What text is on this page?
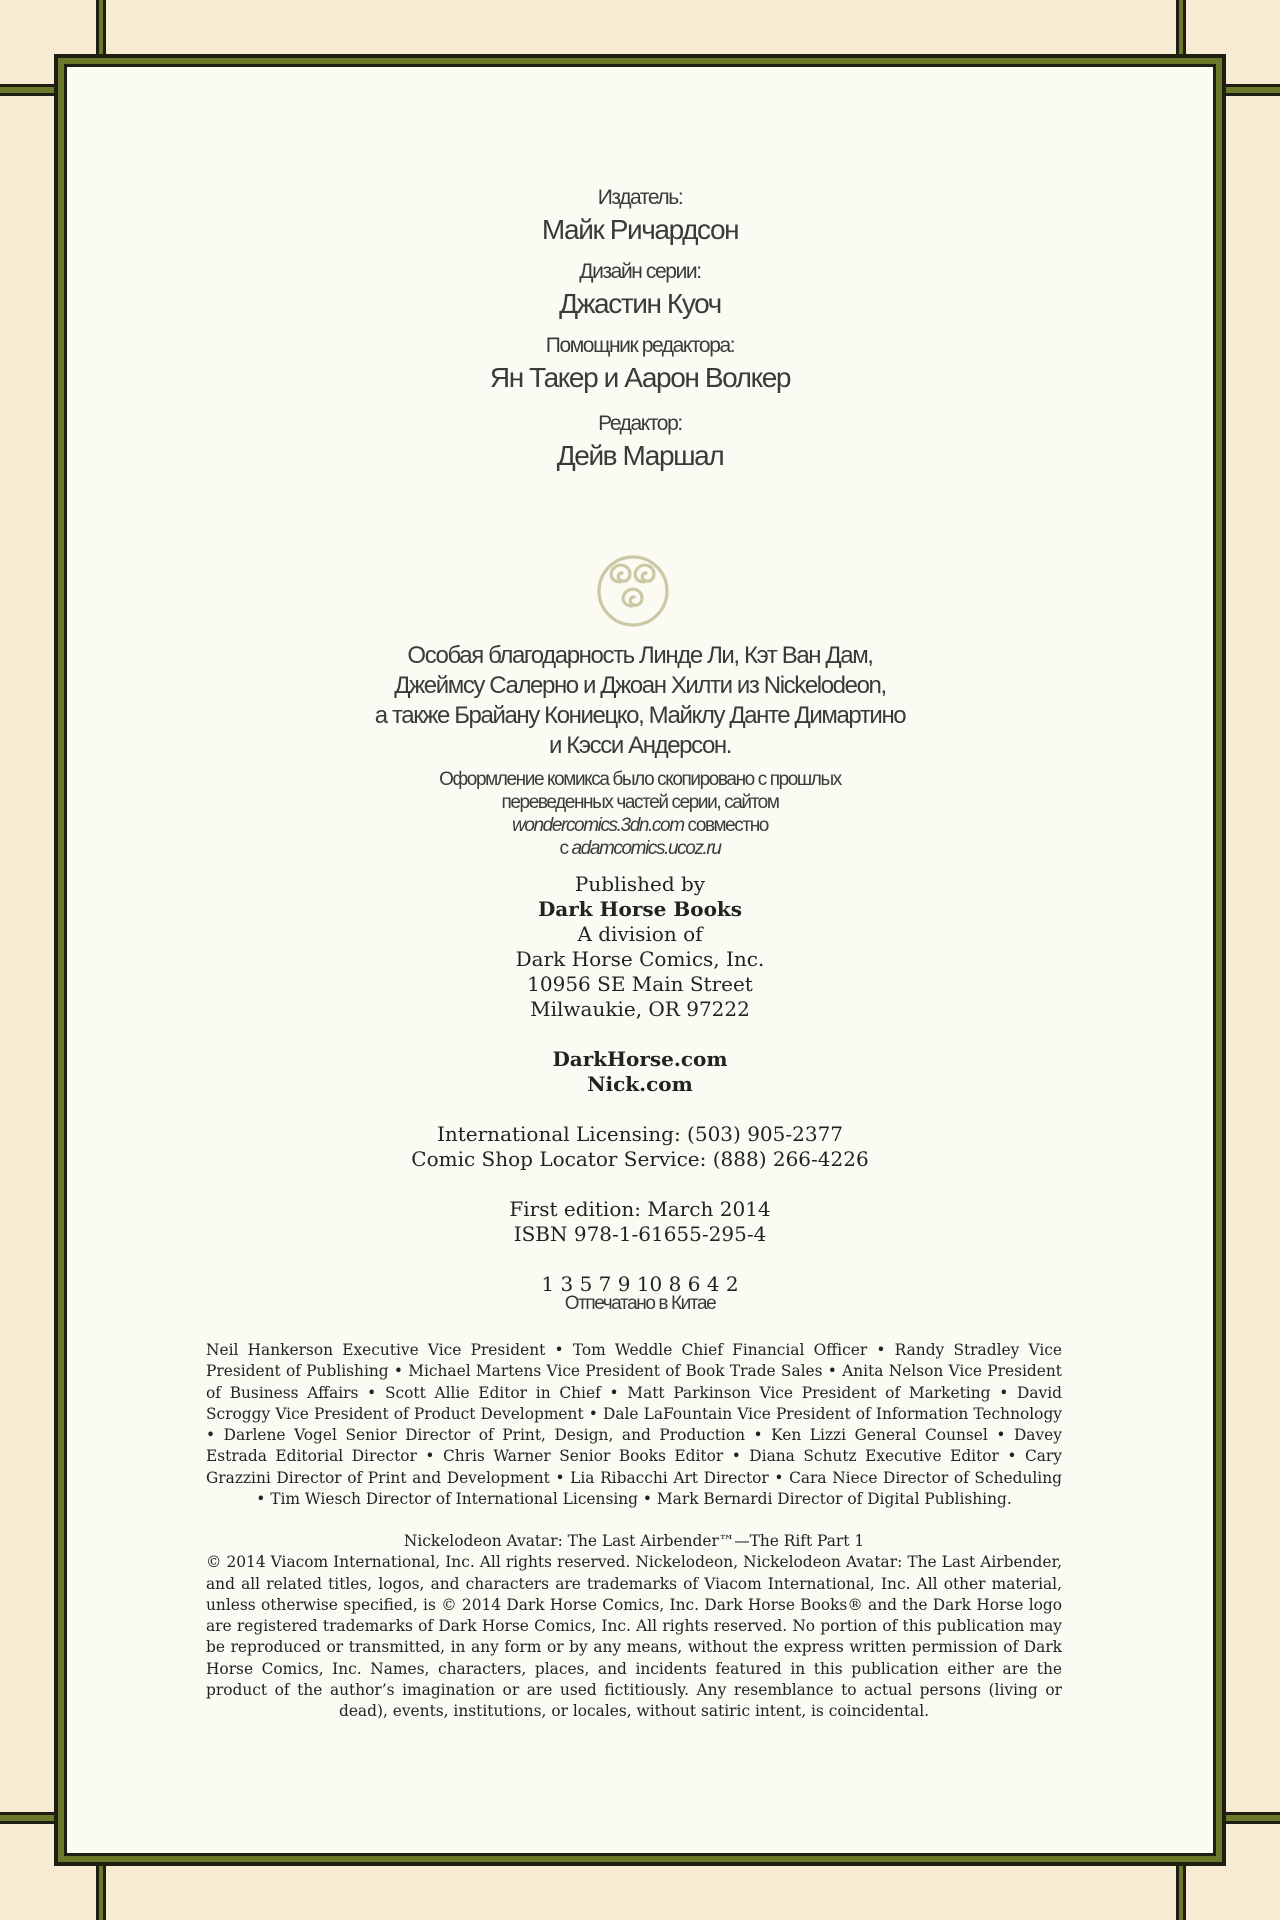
Издатель:
Майк Ричардсон
Дизайн серии:
Джастин Куоч
Помощник редактора:
Ян Такер и Аарон Волкер
Редактор:
Дейв Маршал
Особая благодарность Линде Ли, Кэт Ван Дам,
Джеймсу Салерно и Джоан Хилти из Nickelodeon,
а также Брайану Кониецко, Майклу Данте Димартино
и Кэсси Андерсон.
Оформление комикса было скопировано с прошлых
переведенных частей серии, сайтом
wondercomics.3dn.com совместно
с adamcomics.ucoz.ru
Published by
Dark Horse Books
A division of
Dark Horse Comics, Inc.
10956 SE Main Street
Milwaukie, OR 97222
DarkHorse.com
Nick.com
International Licensing: (503) 905-2377
Comic Shop Locator Service: (888) 266-4226
First edition: March 2014
ISBN 978-1-61655-295-4
1 3 5 7 9 10 8 6 4 2
Отпечатано в Китае
Neil Hankerson Executive Vice President • Tom Weddle Chief Financial Officer • Randy Stradley Vice President of Publishing • Michael Martens Vice President of Book Trade Sales • Anita Nelson Vice President of Business Affairs • Scott Allie Editor in Chief • Matt Parkinson Vice President of Marketing • David Scroggy Vice President of Product Development • Dale LaFountain Vice President of Information Technology • Darlene Vogel Senior Director of Print, Design, and Production • Ken Lizzi General Counsel • Davey Estrada Editorial Director • Chris Warner Senior Books Editor • Diana Schutz Executive Editor • Cary Grazzini Director of Print and Development • Lia Ribacchi Art Director • Cara Niece Director of Scheduling • Tim Wiesch Director of International Licensing • Mark Bernardi Director of Digital Publishing.
Nickelodeon Avatar: The Last Airbender™—The Rift Part 1
© 2014 Viacom International, Inc. All rights reserved. Nickelodeon, Nickelodeon Avatar: The Last Airbender, and all related titles, logos, and characters are trademarks of Viacom International, Inc. All other material, unless otherwise specified, is © 2014 Dark Horse Comics, Inc. Dark Horse Books® and the Dark Horse logo are registered trademarks of Dark Horse Comics, Inc. All rights reserved. No portion of this publication may be reproduced or transmitted, in any form or by any means, without the express written permission of Dark Horse Comics, Inc. Names, characters, places, and incidents featured in this publication either are the product of the author’s imagination or are used fictitiously. Any resemblance to actual persons (living or dead), events, institutions, or locales, without satiric intent, is coincidental.
